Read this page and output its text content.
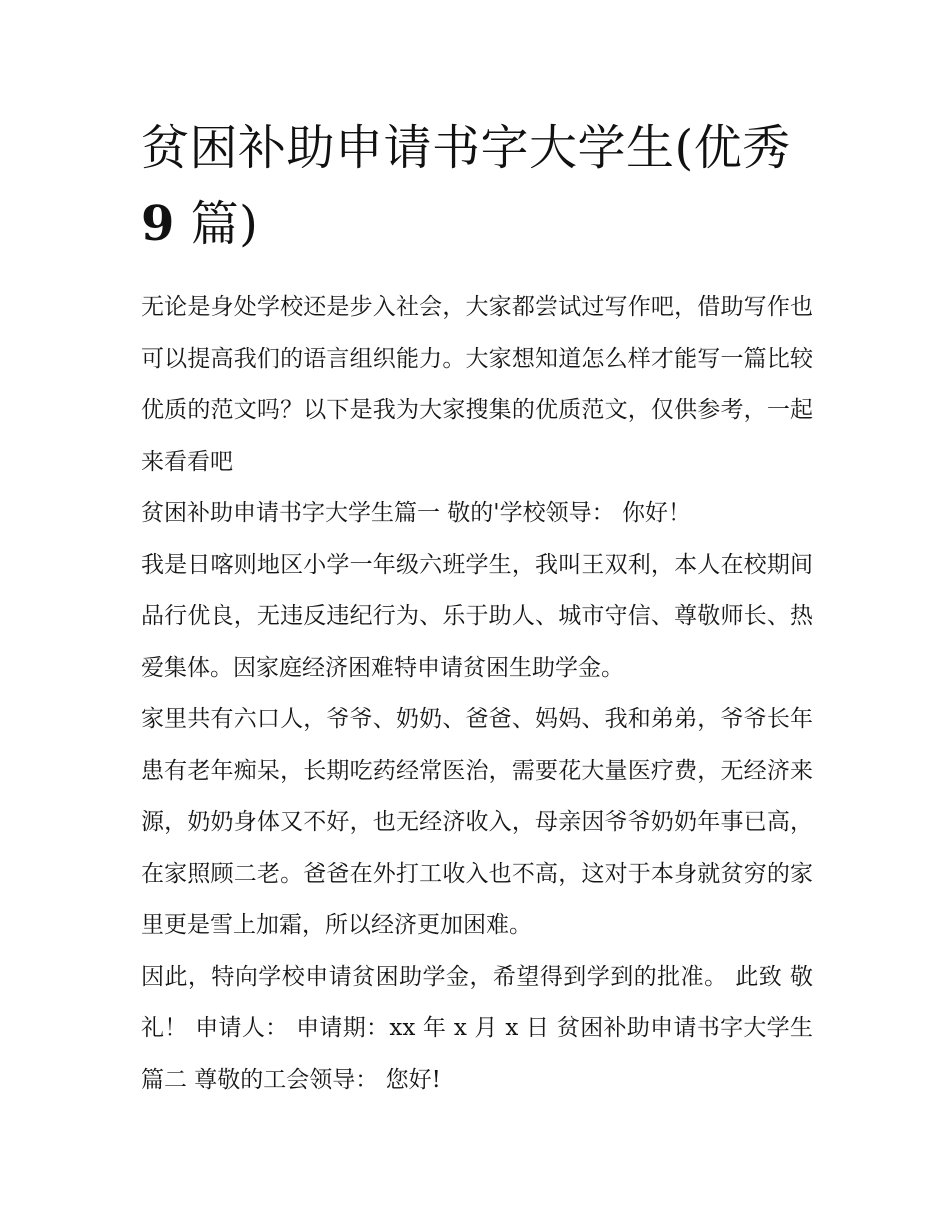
贫困补助申请书字大学生(优秀9 篇)

无论是身处学校还是步入社会，大家都尝试过写作吧，借助写作也可以提高我们的语言组织能力。大家想知道怎么样才能写一篇比较优质的范文吗？以下是我为大家搜集的优质范文，仅供参考，一起来看看吧

贫困补助申请书字大学生篇一 敬的'学校领导： 你好！

我是日喀则地区小学一年级六班学生，我叫王双利，本人在校期间品行优良，无违反违纪行为、乐于助人、城市守信、尊敬师长、热爱集体。因家庭经济困难特申请贫困生助学金。

家里共有六口人，爷爷、奶奶、爸爸、妈妈、我和弟弟，爷爷长年患有老年痴呆，长期吃药经常医治，需要花大量医疗费，无经济来源，奶奶身体又不好，也无经济收入，母亲因爷爷奶奶年事已高，在家照顾二老。爸爸在外打工收入也不高，这对于本身就贫穷的家里更是雪上加霜，所以经济更加困难。

因此，特向学校申请贫困助学金，希望得到学到的批准。 此致 敬礼！ 申请人： 申请期：xx 年 x 月 x 日 贫困补助申请书字大学生篇二 尊敬的工会领导： 您好!
